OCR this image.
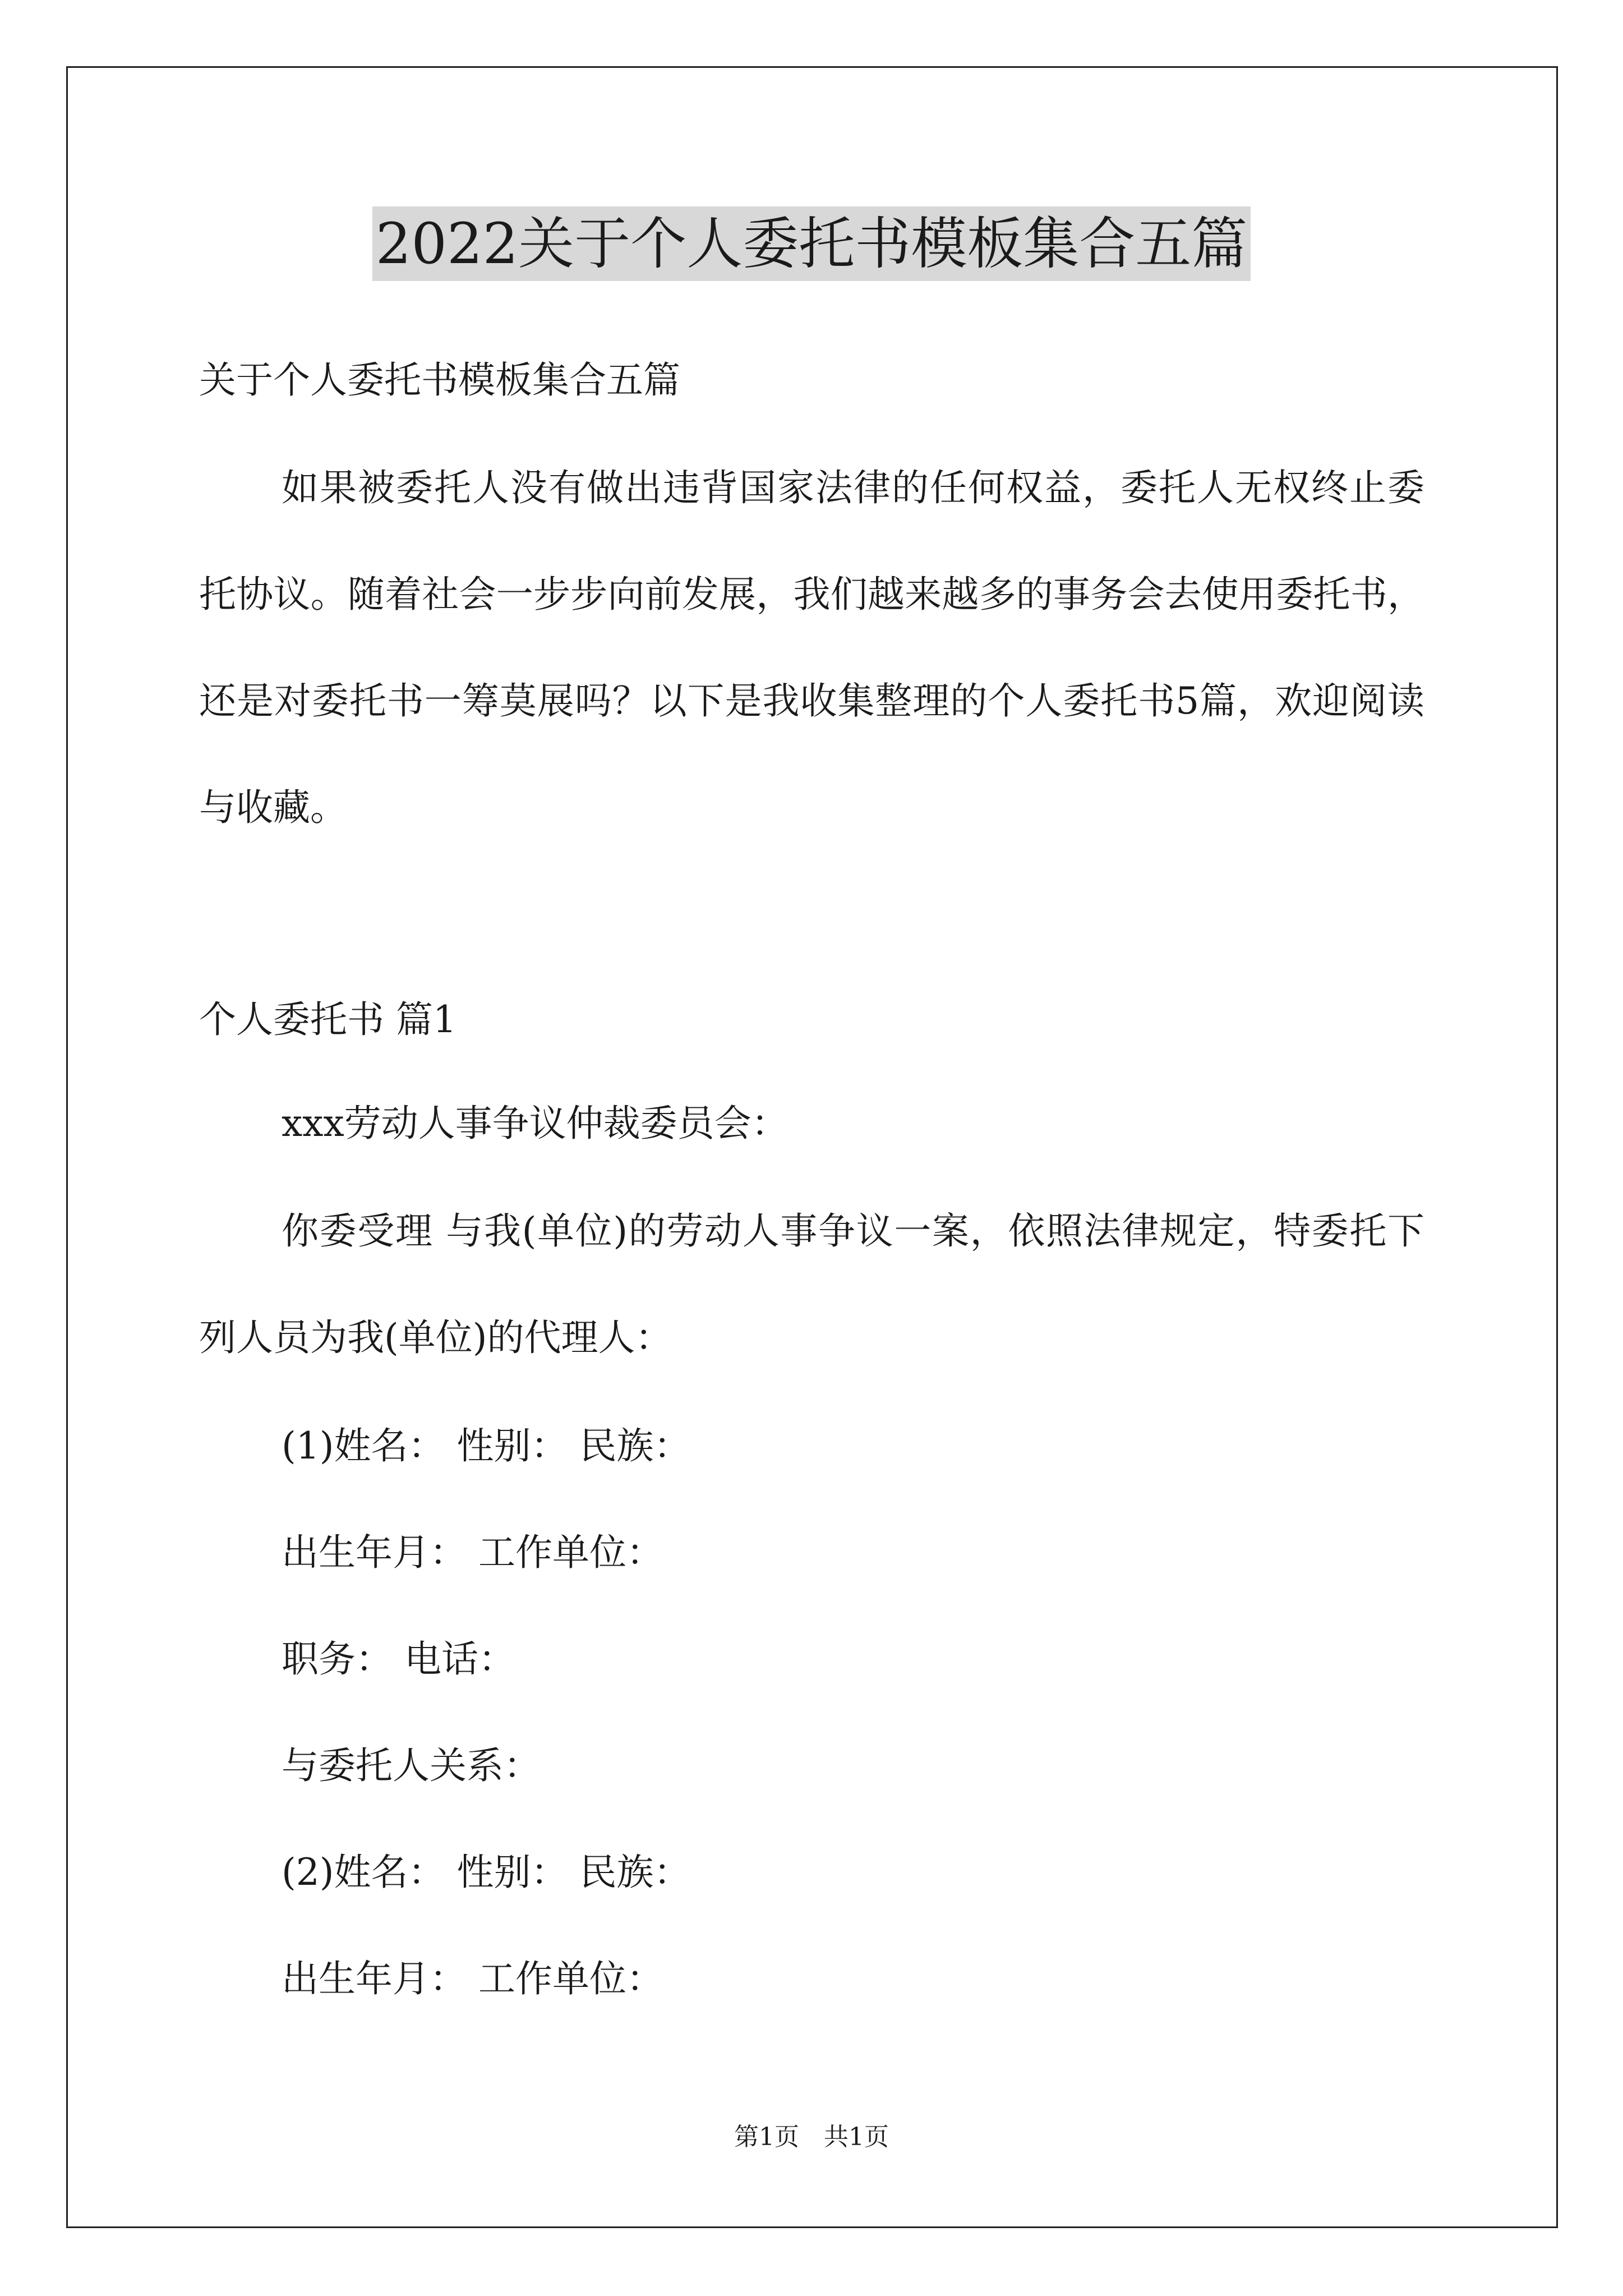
2022关于个人委托书模板集合五篇

关于个人委托书模板集合五篇

如果被委托人没有做出违背国家法律的任何权益，委托人无权终止委托协议。随着社会一步步向前发展，我们越来越多的事务会去使用委托书，还是对委托书一筹莫展吗？以下是我收集整理的个人委托书5篇，欢迎阅读与收藏。

个人委托书 篇1

xxx劳动人事争议仲裁委员会：

你委受理 与我(单位)的劳动人事争议一案，依照法律规定，特委托下列人员为我(单位)的代理人：

(1)姓名： 性别： 民族：

出生年月： 工作单位：

职务： 电话：

与委托人关系：

(2)姓名： 性别： 民族：

出生年月： 工作单位：

第1页　共1页
